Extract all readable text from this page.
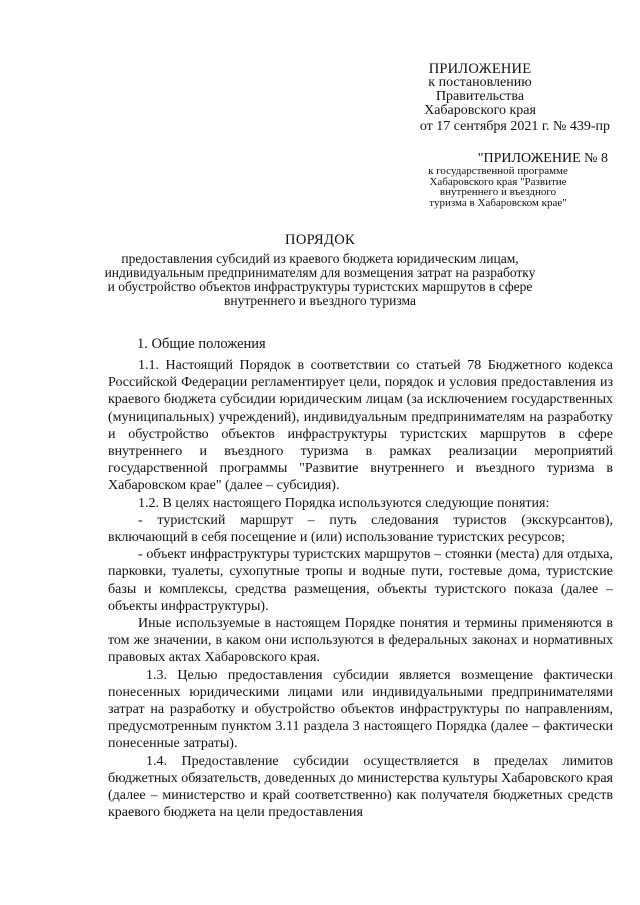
ПРИЛОЖЕНИЕ
к постановлению
Правительства
Хабаровского края
от 17 сентября 2021 г. № 439-пр
"ПРИЛОЖЕНИЕ № 8
к государственной программе
Хабаровского края "Развитие
внутреннего и въездного
туризма в Хабаровском крае"
ПОРЯДОК
предоставления субсидий из краевого бюджета юридическим лицам, индивидуальным предпринимателям для возмещения затрат на разработку и обустройство объектов инфраструктуры туристских маршрутов в сфере внутреннего и въездного туризма
1. Общие положения

1.1. Настоящий Порядок в соответствии со статьей 78 Бюджетного кодекса Российской Федерации регламентирует цели, порядок и условия предоставления из краевого бюджета субсидии юридическим лицам (за исключением государственных (муниципальных) учреждений), индивидуальным предпринимателям на разработку и обустройство объектов инфраструктуры туристских маршрутов в сфере внутреннего и въездного туризма в рамках реализации мероприятий государственной программы "Развитие внутреннего и въездного туризма в Хабаровском крае" (далее – субсидия).

1.2. В целях настоящего Порядка используются следующие понятия:

- туристский маршрут – путь следования туристов (экскурсантов), включающий в себя посещение и (или) использование туристских ресурсов;

- объект инфраструктуры туристских маршрутов – стоянки (места) для отдыха, парковки, туалеты, сухопутные тропы и водные пути, гостевые дома, туристские базы и комплексы, средства размещения, объекты туристского показа (далее – объекты инфраструктуры).

Иные используемые в настоящем Порядке понятия и термины применяются в том же значении, в каком они используются в федеральных законах и нормативных правовых актах Хабаровского края.

1.3. Целью предоставления субсидии является возмещение фактически понесенных юридическими лицами или индивидуальными предпринимателями затрат на разработку и обустройство объектов инфраструктуры по направлениям, предусмотренным пунктом 3.11 раздела 3 настоящего Порядка (далее – фактически понесенные затраты).

1.4. Предоставление субсидии осуществляется в пределах лимитов бюджетных обязательств, доведенных до министерства культуры Хабаровского края (далее – министерство и край соответственно) как получателя бюджетных средств краевого бюджета на цели предоставления
